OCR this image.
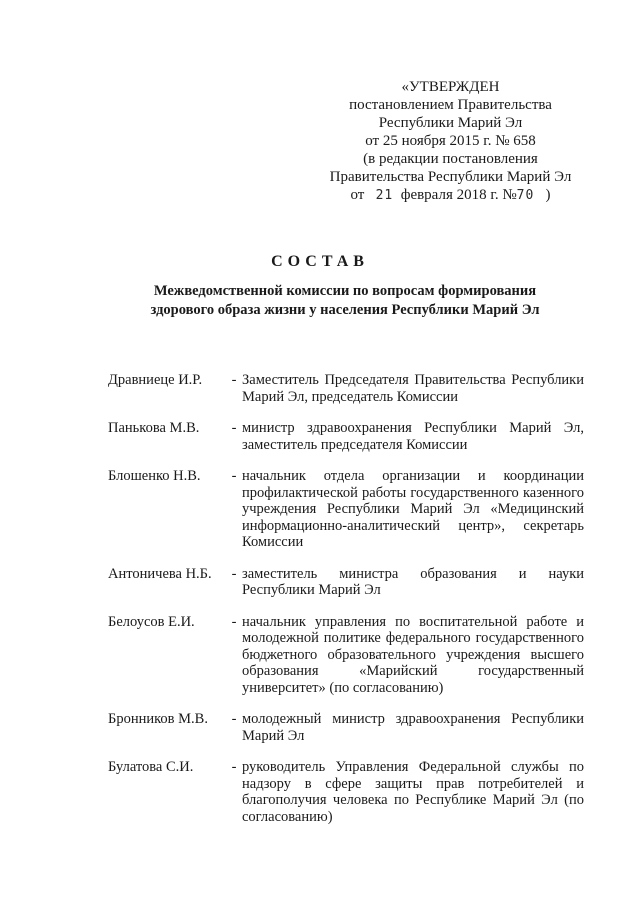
«УТВЕРЖДЕН
постановлением Правительства
Республики Марий Эл
от 25 ноября 2015 г. № 658
(в редакции постановления
Правительства Республики Марий Эл
от 21 февраля 2018 г. №70 )
СОСТАВ
Межведомственной комиссии по вопросам формирования
здорового образа жизни у населения Республики Марий Эл
Дравниеце И.Р.	- Заместитель Председателя Правительства Республики Марий Эл, председатель Комиссии
Панькова М.В.	- министр здравоохранения Республики Марий Эл, заместитель председателя Комиссии
Блошенко Н.В.	- начальник отдела организации и координации профилактической работы государственного казенного учреждения Республики Марий Эл «Медицинский информационно-аналитический центр», секретарь Комиссии
Антоничева Н.Б.	- заместитель министра образования и науки Республики Марий Эл
Белоусов Е.И.	- начальник управления по воспитательной работе и молодежной политике федерального государственного бюджетного образовательного учреждения высшего образования «Марийский государственный университет» (по согласованию)
Бронников М.В.	- молодежный министр здравоохранения Республики Марий Эл
Булатова С.И.	- руководитель Управления Федеральной службы по надзору в сфере защиты прав потребителей и благополучия человека по Республике Марий Эл (по согласованию)
